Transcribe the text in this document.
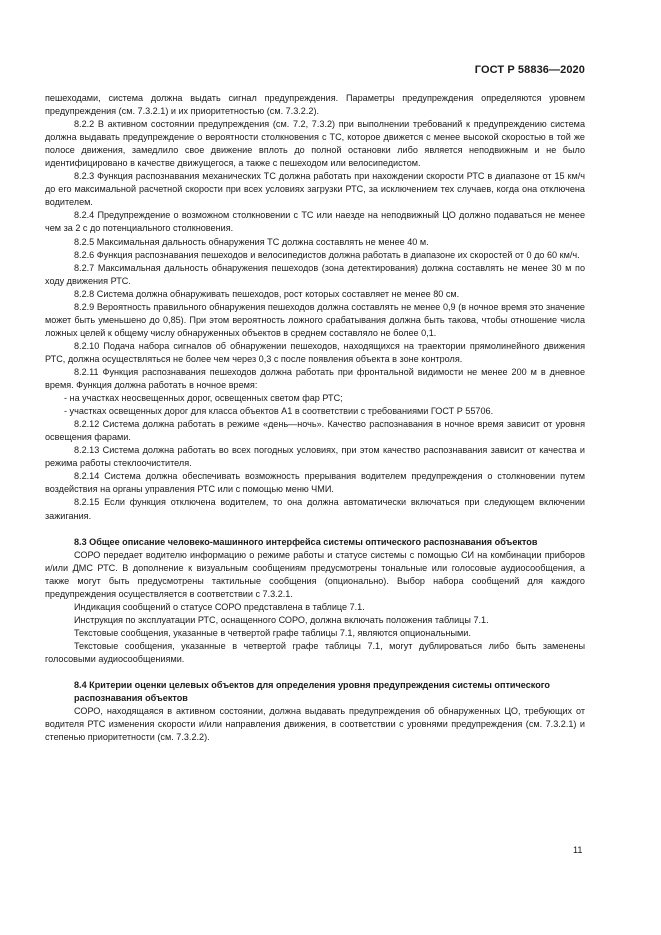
ГОСТ Р 58836—2020

пешеходами, система должна выдать сигнал предупреждения. Параметры предупреждения определяются уровнем предупреждения (см. 7.3.2.1) и их приоритетностью (см. 7.3.2.2).

8.2.2 В активном состоянии предупреждения (см. 7.2, 7.3.2) при выполнении требований к предупреждению система должна выдавать предупреждение о вероятности столкновения с ТС, которое движется с менее высокой скоростью в той же полосе движения, замедлило свое движение вплоть до полной остановки либо является неподвижным и не было идентифицировано в качестве движущегося, а также с пешеходом или велосипедистом.

8.2.3 Функция распознавания механических ТС должна работать при нахождении скорости РТС в диапазоне от 15 км/ч до его максимальной расчетной скорости при всех условиях загрузки РТС, за исключением тех случаев, когда она отключена водителем.

8.2.4 Предупреждение о возможном столкновении с ТС или наезде на неподвижный ЦО должно подаваться не менее чем за 2 с до потенциального столкновения.

8.2.5 Максимальная дальность обнаружения ТС должна составлять не менее 40 м.

8.2.6 Функция распознавания пешеходов и велосипедистов должна работать в диапазоне их скоростей от 0 до 60 км/ч.

8.2.7 Максимальная дальность обнаружения пешеходов (зона детектирования) должна составлять не менее 30 м по ходу движения РТС.

8.2.8 Система должна обнаруживать пешеходов, рост которых составляет не менее 80 см.

8.2.9 Вероятность правильного обнаружения пешеходов должна составлять не менее 0,9 (в ночное время это значение может быть уменьшено до 0,85). При этом вероятность ложного срабатывания должна быть такова, чтобы отношение числа ложных целей к общему числу обнаруженных объектов в среднем составляло не более 0,1.

8.2.10 Подача набора сигналов об обнаружении пешеходов, находящихся на траектории прямолинейного движения РТС, должна осуществляться не более чем через 0,3 с после появления объекта в зоне контроля.

8.2.11 Функция распознавания пешеходов должна работать при фронтальной видимости не менее 200 м в дневное время. Функция должна работать в ночное время:

- на участках неосвещенных дорог, освещенных светом фар РТС;

- участках освещенных дорог для класса объектов А1 в соответствии с требованиями ГОСТ Р 55706.

8.2.12 Система должна работать в режиме «день—ночь». Качество распознавания в ночное время зависит от уровня освещения фарами.

8.2.13 Система должна работать во всех погодных условиях, при этом качество распознавания зависит от качества и режима работы стеклоочистителя.

8.2.14 Система должна обеспечивать возможность прерывания водителем предупреждения о столкновении путем воздействия на органы управления РТС или с помощью меню ЧМИ.

8.2.15 Если функция отключена водителем, то она должна автоматически включаться при следующем включении зажигания.

8.3 Общее описание человеко-машинного интерфейса системы оптического распознавания объектов

СОРО передает водителю информацию о режиме работы и статусе системы с помощью СИ на комбинации приборов и/или ДМС РТС. В дополнение к визуальным сообщениям предусмотрены тональные или голосовые аудиосообщения, а также могут быть предусмотрены тактильные сообщения (опционально). Выбор набора сообщений для каждого предупреждения осуществляется в соответствии с 7.3.2.1.

Индикация сообщений о статусе СОРО представлена в таблице 7.1.

Инструкция по эксплуатации РТС, оснащенного СОРО, должна включать положения таблицы 7.1.

Текстовые сообщения, указанные в четвертой графе таблицы 7.1, являются опциональными.

Текстовые сообщения, указанные в четвертой графе таблицы 7.1, могут дублироваться либо быть заменены голосовыми аудиосообщениями.

8.4 Критерии оценки целевых объектов для определения уровня предупреждения системы оптического распознавания объектов

СОРО, находящаяся в активном состоянии, должна выдавать предупреждения об обнаруженных ЦО, требующих от водителя РТС изменения скорости и/или направления движения, в соответствии с уровнями предупреждения (см. 7.3.2.1) и степенью приоритетности (см. 7.3.2.2).

11
